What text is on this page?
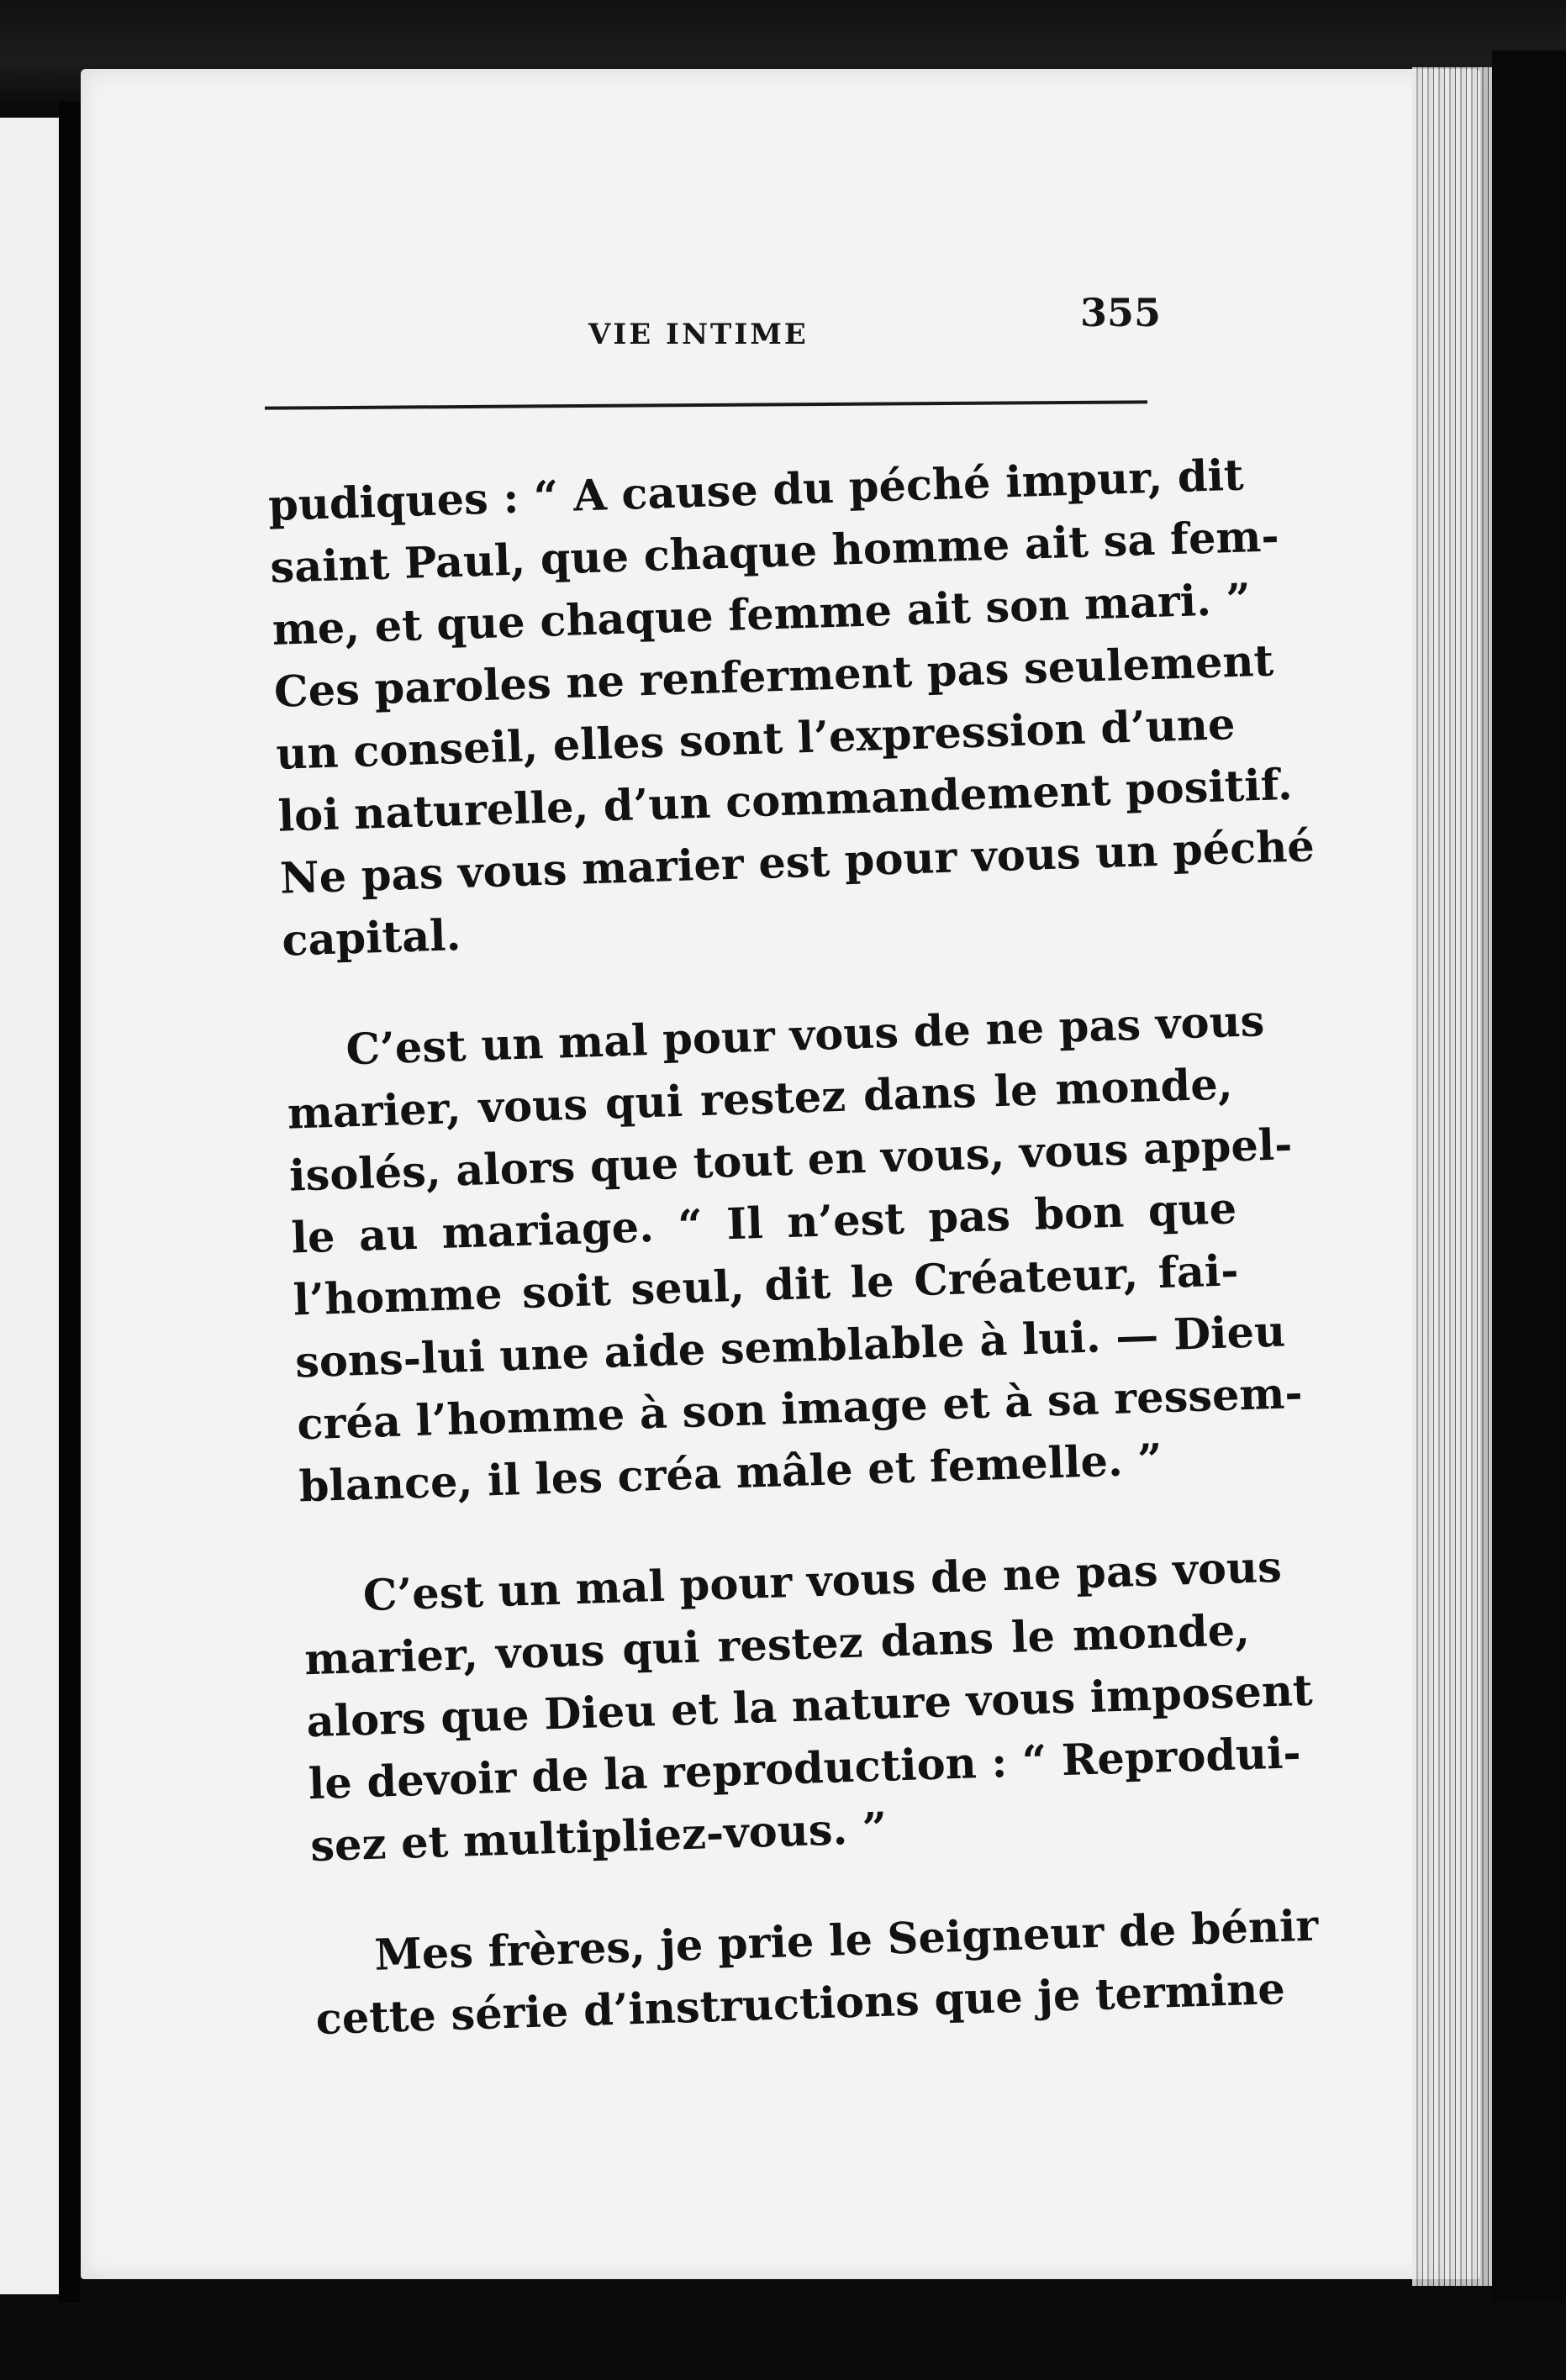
VIE INTIME	355
pudiques : “ A cause du péché impur, dit
saint Paul, que chaque homme ait sa fem-
me, et que chaque femme ait son mari. ”
Ces paroles ne renferment pas seulement
un conseil, elles sont l’expression d’une
loi naturelle, d’un commandement positif.
Ne pas vous marier est pour vous un péché
capital.
C’est un mal pour vous de ne pas vous
marier, vous qui restez dans le monde,
isolés, alors que tout en vous, vous appel-
le au mariage. “ Il n’est pas bon que
l’homme soit seul, dit le Créateur, fai-
sons-lui une aide semblable à lui. — Dieu
créa l’homme à son image et à sa ressem-
blance, il les créa mâle et femelle. ”
C’est un mal pour vous de ne pas vous
marier, vous qui restez dans le monde,
alors que Dieu et la nature vous imposent
le devoir de la reproduction : “ Reprodui-
sez et multipliez-vous. ”
Mes frères, je prie le Seigneur de bénir
cette série d’instructions que je termine
